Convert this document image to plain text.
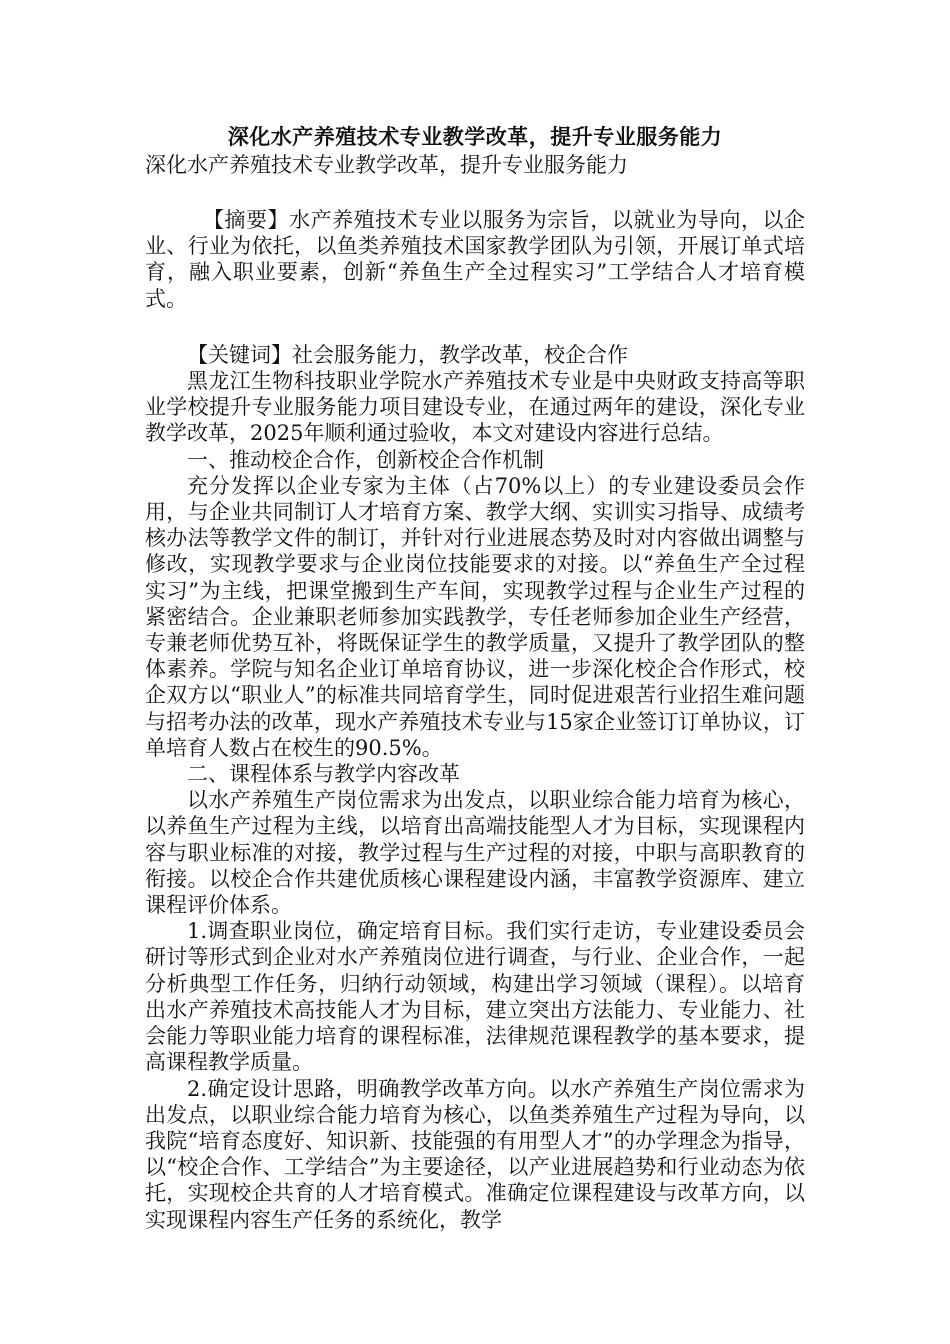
深化水产养殖技术专业教学改革，提升专业服务能力
深化水产养殖技术专业教学改革，提升专业服务能力

【摘要】水产养殖技术专业以服务为宗旨，以就业为导向，以企业、行业为依托，以鱼类养殖技术国家教学团队为引领，开展订单式培育，融入职业要素，创新“养鱼生产全过程实习”工学结合人才培育模式。

【关键词】社会服务能力，教学改革，校企合作

黑龙江生物科技职业学院水产养殖技术专业是中央财政支持高等职业学校提升专业服务能力项目建设专业，在通过两年的建设，深化专业教学改革，2025年顺利通过验收，本文对建设内容进行总结。

一、推动校企合作，创新校企合作机制

充分发挥以企业专家为主体（占70%以上）的专业建设委员会作用，与企业共同制订人才培育方案、教学大纲、实训实习指导、成绩考核办法等教学文件的制订，并针对行业进展态势及时对内容做出调整与修改，实现教学要求与企业岗位技能要求的对接。以“养鱼生产全过程实习”为主线，把课堂搬到生产车间，实现教学过程与企业生产过程的紧密结合。企业兼职老师参加实践教学，专任老师参加企业生产经营，专兼老师优势互补，将既保证学生的教学质量，又提升了教学团队的整体素养。学院与知名企业订单培育协议，进一步深化校企合作形式，校企双方以“职业人”的标准共同培育学生，同时促进艰苦行业招生难问题与招考办法的改革，现水产养殖技术专业与15家企业签订订单协议，订单培育人数占在校生的90.5%。

二、课程体系与教学内容改革

以水产养殖生产岗位需求为出发点，以职业综合能力培育为核心，以养鱼生产过程为主线，以培育出高端技能型人才为目标，实现课程内容与职业标准的对接，教学过程与生产过程的对接，中职与高职教育的衔接。以校企合作共建优质核心课程建设内涵，丰富教学资源库、建立课程评价体系。

1.调查职业岗位，确定培育目标。我们实行走访，专业建设委员会研讨等形式到企业对水产养殖岗位进行调查，与行业、企业合作，一起分析典型工作任务，归纳行动领域，构建出学习领域（课程）。以培育出水产养殖技术高技能人才为目标，建立突出方法能力、专业能力、社会能力等职业能力培育的课程标准，法律规范课程教学的基本要求，提高课程教学质量。

2.确定设计思路，明确教学改革方向。以水产养殖生产岗位需求为出发点，以职业综合能力培育为核心，以鱼类养殖生产过程为导向，以我院“培育态度好、知识新、技能强的有用型人才”的办学理念为指导，以“校企合作、工学结合”为主要途径，以产业进展趋势和行业动态为依托，实现校企共育的人才培育模式。准确定位课程建设与改革方向，以实现课程内容生产任务的系统化，教学
